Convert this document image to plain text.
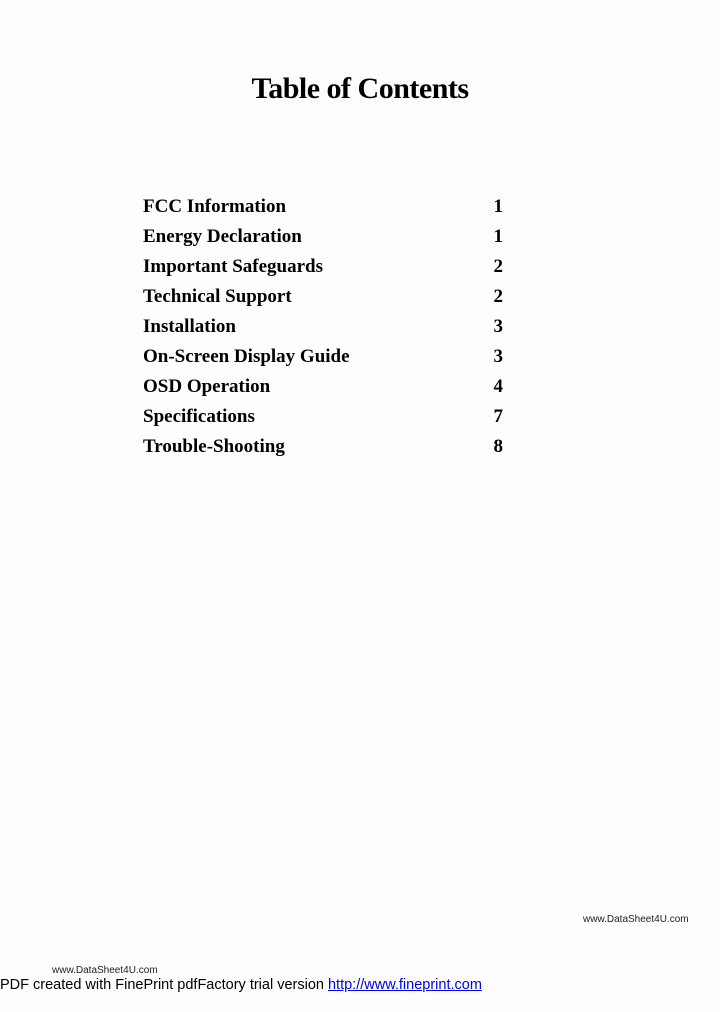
Table of Contents
FCC Information	1
Energy Declaration	1
Important Safeguards	2
Technical Support	2
Installation	3
On-Screen Display Guide	3
OSD Operation	4
Specifications	7
Trouble-Shooting	8
www.DataSheet4U.com
www.DataSheet4U.com
PDF created with FinePrint pdfFactory trial version http://www.fineprint.com
